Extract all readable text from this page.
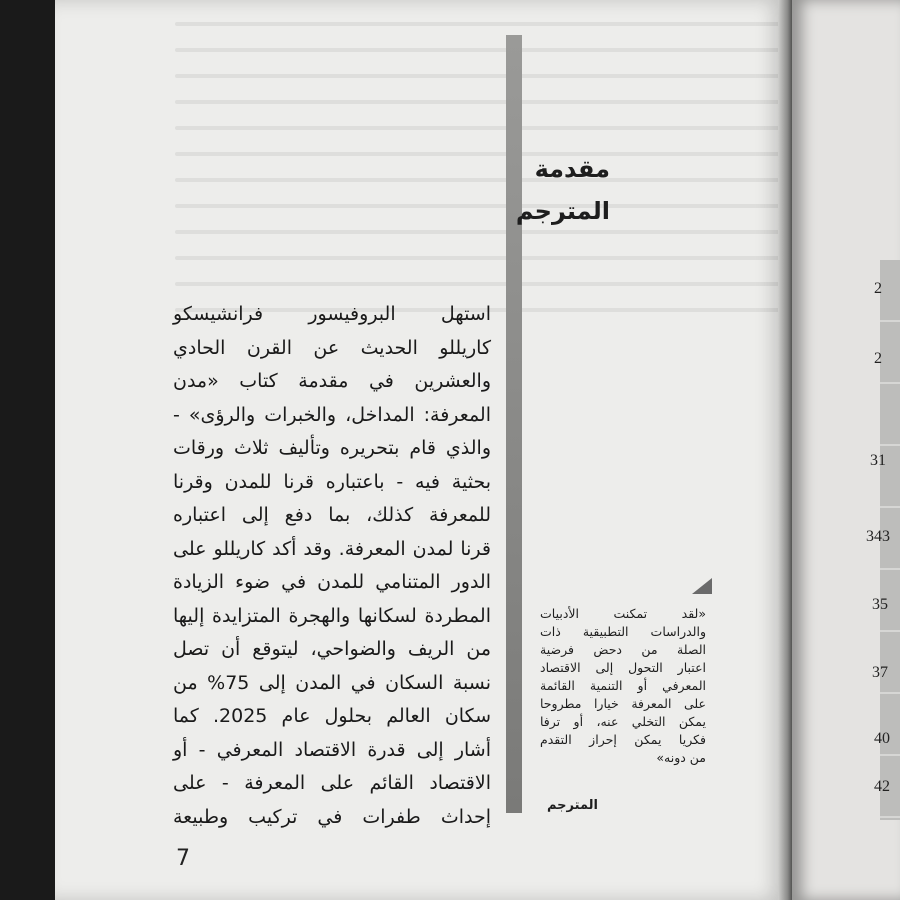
2
2
31
343
35
37
40
42
مقدمة
المترجم

استهل البروفيسور فرانشيسكو

كاريللو الحديث عن القرن الحادي

والعشرين في مقدمة كتاب «مدن

المعرفة: المداخل، والخبرات والرؤى» -

والذي قام بتحريره وتأليف ثلاث ورقات

بحثية فيه - باعتباره قرنا للمدن وقرنا

للمعرفة كذلك، بما دفع إلى اعتباره

قرنا لمدن المعرفة. وقد أكد كاريللو على

الدور المتنامي للمدن في ضوء الزيادة

المطردة لسكانها والهجرة المتزايدة إليها

من الريف والضواحي، ليتوقع أن تصل

نسبة السكان في المدن إلى 75% من

سكان العالم بحلول عام 2025. كما

أشار إلى قدرة الاقتصاد المعرفي - أو

الاقتصاد القائم على المعرفة - على

إحداث طفرات في تركيب وطبيعة

«لقد تمكنت الأدبيات

والدراسات التطبيقية ذات

الصلة من دحض فرضية

اعتبار التحول إلى الاقتصاد

المعرفي أو التنمية القائمة

على المعرفة خيارا مطروحا

يمكن التخلي عنه، أو ترفا

فكريا يمكن إحراز التقدم

من دونه»

المترجم
7
